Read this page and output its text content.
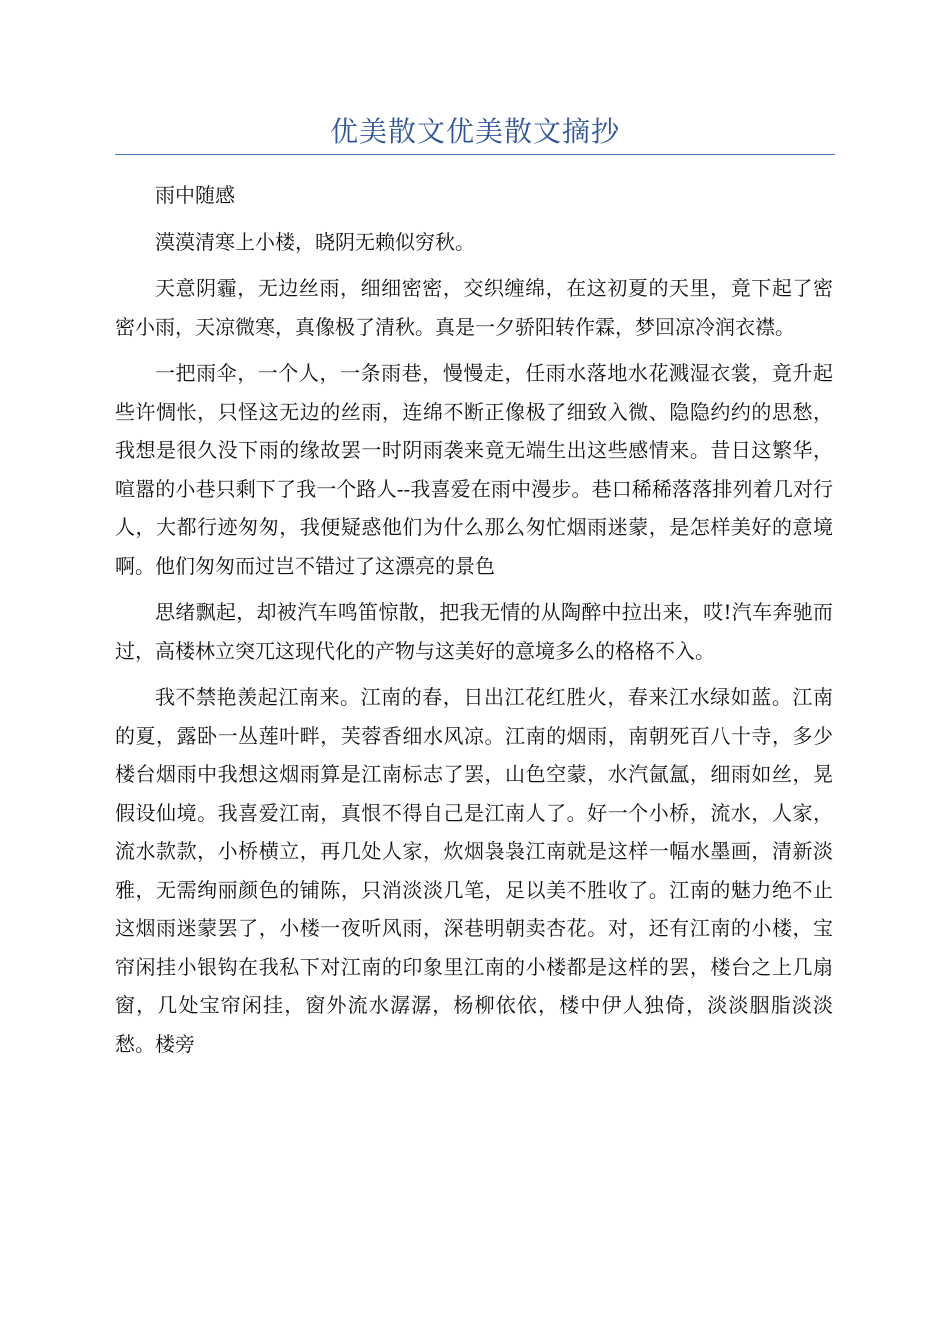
优美散文优美散文摘抄

雨中随感

漠漠清寒上小楼，晓阴无赖似穷秋。

天意阴霾，无边丝雨，细细密密，交织缠绵，在这初夏的天里，竟下起了密密小雨，天凉微寒，真像极了清秋。真是一夕骄阳转作霖，梦回凉冷润衣襟。

一把雨伞，一个人，一条雨巷，慢慢走，任雨水落地水花溅湿衣裳，竟升起些许惆怅，只怪这无边的丝雨，连绵不断正像极了细致入微、隐隐约约的思愁，我想是很久没下雨的缘故罢一时阴雨袭来竟无端生出这些感情来。昔日这繁华，喧嚣的小巷只剩下了我一个路人--我喜爱在雨中漫步。巷口稀稀落落排列着几对行人，大都行迹匆匆，我便疑惑他们为什么那么匆忙烟雨迷蒙，是怎样美好的意境啊。他们匆匆而过岂不错过了这漂亮的景色

思绪飘起，却被汽车鸣笛惊散，把我无情的从陶醉中拉出来，哎!汽车奔驰而过，高楼林立突兀这现代化的产物与这美好的意境多么的格格不入。

我不禁艳羡起江南来。江南的春，日出江花红胜火，春来江水绿如蓝。江南的夏，露卧一丛莲叶畔，芙蓉香细水风凉。江南的烟雨，南朝死百八十寺，多少楼台烟雨中我想这烟雨算是江南标志了罢，山色空蒙，水汽氤氲，细雨如丝，晃假设仙境。我喜爱江南，真恨不得自己是江南人了。好一个小桥，流水，人家，流水款款，小桥横立，再几处人家，炊烟袅袅江南就是这样一幅水墨画，清新淡雅，无需绚丽颜色的铺陈，只消淡淡几笔，足以美不胜收了。江南的魅力绝不止这烟雨迷蒙罢了，小楼一夜听风雨，深巷明朝卖杏花。对，还有江南的小楼，宝帘闲挂小银钩在我私下对江南的印象里江南的小楼都是这样的罢，楼台之上几扇窗，几处宝帘闲挂，窗外流水潺潺，杨柳依依，楼中伊人独倚，淡淡胭脂淡淡愁。楼旁
